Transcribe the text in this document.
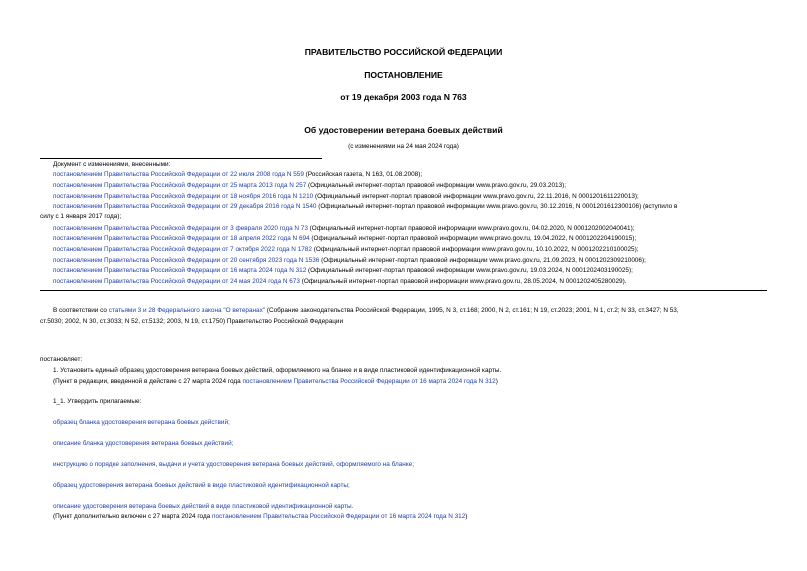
ПРАВИТЕЛЬСТВО РОССИЙСКОЙ ФЕДЕРАЦИИ
ПОСТАНОВЛЕНИЕ
от 19 декабря 2003 года N 763
Об удостоверении ветерана боевых действий
(с изменениями на 24 мая 2024 года)
Документ с изменениями, внесенными:
постановлением Правительства Российской Федерации от 22 июля 2008 года N 559 (Российская газета, N 163, 01.08.2008);
постановлением Правительства Российской Федерации от 25 марта 2013 года N 257 (Официальный интернет-портал правовой информации www.pravo.gov.ru, 29.03.2013);
постановлением Правительства Российской Федерации от 18 ноября 2016 года N 1210 (Официальный интернет-портал правовой информации www.pravo.gov.ru, 22.11.2016, N 0001201611220013);
постановлением Правительства Российской Федерации от 29 декабря 2016 года N 1540 (Официальный интернет-портал правовой информации www.pravo.gov.ru, 30.12.2016, N 0001201612300106) (вступило в
силу с 1 января 2017 года);
постановлением Правительства Российской Федерации от 3 февраля 2020 года N 73 (Официальный интернет-портал правовой информации www.pravo.gov.ru, 04.02.2020, N 0001202002040041);
постановлением Правительства Российской Федерации от 18 апреля 2022 года N 694 (Официальный интернет-портал правовой информации www.pravo.gov.ru, 19.04.2022, N 0001202204190015);
постановлением Правительства Российской Федерации от 7 октября 2022 года N 1782 (Официальный интернет-портал правовой информации www.pravo.gov.ru, 10.10.2022, N 0001202210100025);
постановлением Правительства Российской Федерации от 20 сентября 2023 года N 1536 (Официальный интернет-портал правовой информации www.pravo.gov.ru, 21.09.2023, N 0001202309210006);
постановлением Правительства Российской Федерации от 16 марта 2024 года N 312 (Официальный интернет-портал правовой информации www.pravo.gov.ru, 19.03.2024, N 0001202403190025);
постановлением Правительства Российской Федерации от 24 мая 2024 года N 673 (Официальный интернет-портал правовой информации www.pravo.gov.ru, 28.05.2024, N 0001202405280029).
В соответствии со статьями 3 и 28 Федерального закона "О ветеранах" (Собрание законодательства Российской Федерации, 1995, N 3, ст.168; 2000, N 2, ст.161; N 19, ст.2023; 2001, N 1, ст.2; N 33, ст.3427; N 53,
ст.5030; 2002, N 30, ст.3033; N 52, ст.5132; 2003, N 19, ст.1750) Правительство Российской Федерации
постановляет:
1. Установить единый образец удостоверения ветерана боевых действий, оформляемого на бланке и в виде пластиковой идентификационной карты.
(Пункт в редакции, введенной в действие с 27 марта 2024 года постановлением Правительства Российской Федерации от 16 марта 2024 года N 312)
1_1. Утвердить прилагаемые:
образец бланка удостоверения ветерана боевых действий;
описание бланка удостоверения ветерана боевых действий;
инструкцию о порядке заполнения, выдачи и учета удостоверения ветерана боевых действий, оформляемого на бланке;
образец удостоверения ветерана боевых действий в виде пластиковой идентификационной карты;
описание удостоверения ветерана боевых действий в виде пластиковой идентификационной карты.
(Пункт дополнительно включен с 27 марта 2024 года постановлением Правительства Российской Федерации от 16 марта 2024 года N 312)
